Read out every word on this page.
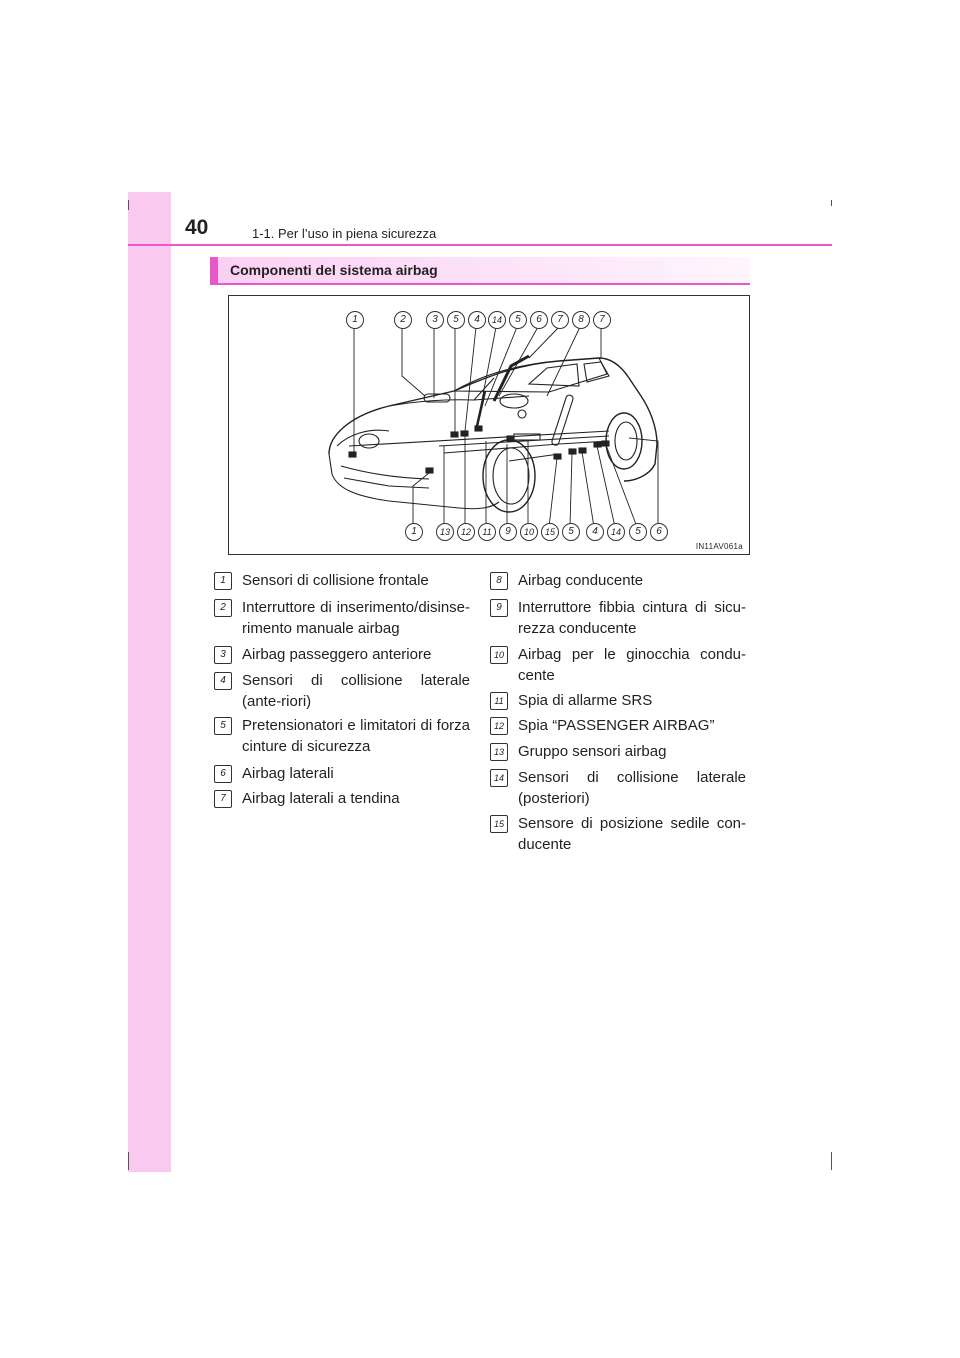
40	1-1. Per l’uso in piena sicurezza
Componenti del sistema airbag
1	2	3	5	4	14	5	6	7	8	7
1	13	12	11	9	10	15	5	4	14	5	6
IN11AV061a
1	Sensori di collisione frontale
2	Interruttore di inserimento/disinse-rimento manuale airbag
3	Airbag passeggero anteriore
4	Sensori di collisione laterale (ante-riori)
5	Pretensionatori e limitatori di forza cinture di sicurezza
6	Airbag laterali
7	Airbag laterali a tendina
8	Airbag conducente
9	Interruttore fibbia cintura di sicu-rezza conducente
10 Airbag per le ginocchia condu-cente
11 Spia di allarme SRS
12 Spia “PASSENGER AIRBAG”
13 Gruppo sensori airbag
14 Sensori di collisione laterale (posteriori)
15 Sensore di posizione sedile con-ducente
